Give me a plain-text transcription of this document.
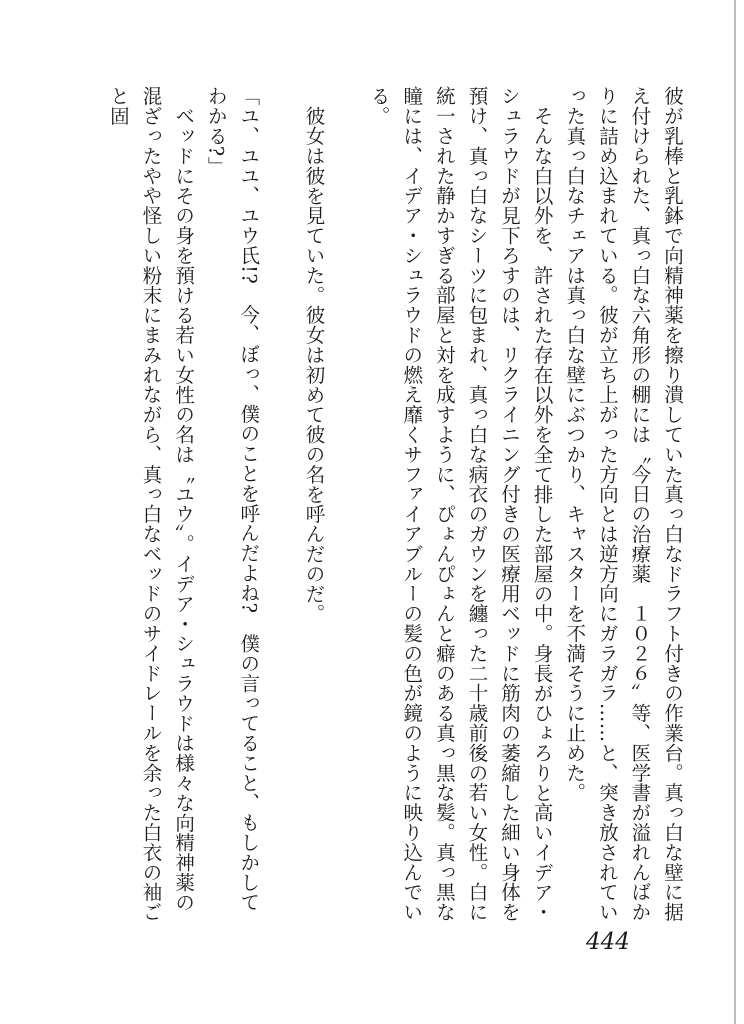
彼が乳棒と乳鉢で向精神薬を擦り潰していた真っ白なドラフト付きの作業台。真っ白な壁に据え付けられた、真っ白な六角形の棚には〝今日の治療薬　１０２６〟等、医学書が溢れんばかりに詰め込まれている。彼が立ち上がった方向とは逆方向にガラガラ……と、突き放されていった真っ白なチェアは真っ白な壁にぶつかり、キャスターを不満そうに止めた。

そんな白以外を、許された存在以外を全て排した部屋の中。身長がひょろりと高いイデア・シュラウドが見下ろすのは、リクライニング付きの医療用ベッドに筋肉の萎縮した細い身体を預け、真っ白なシーツに包まれ、真っ白な病衣のガウンを纏った二十歳前後の若い女性。白に統一された静かすぎる部屋と対を成すように、ぴょんぴょんと癖のある真っ黒な髪。真っ黒な瞳には、イデア・シュラウドの燃え靡くサファイアブルーの髪の色が鏡のように映り込んでいる。

彼女は彼を見ていた。彼女は初めて彼の名を呼んだのだ。

「ユ、ユユ、ユウ氏!?　今、ぼっ、僕のことを呼んだよね?　僕の言ってること、もしかしてわかる?」

ベッドにその身を預ける若い女性の名は〝ユウ〟。イデア・シュラウドは様々な向精神薬の混ざったやや怪しい粉末にまみれながら、真っ白なベッドのサイドレールを余った白衣の袖ごと固

444
